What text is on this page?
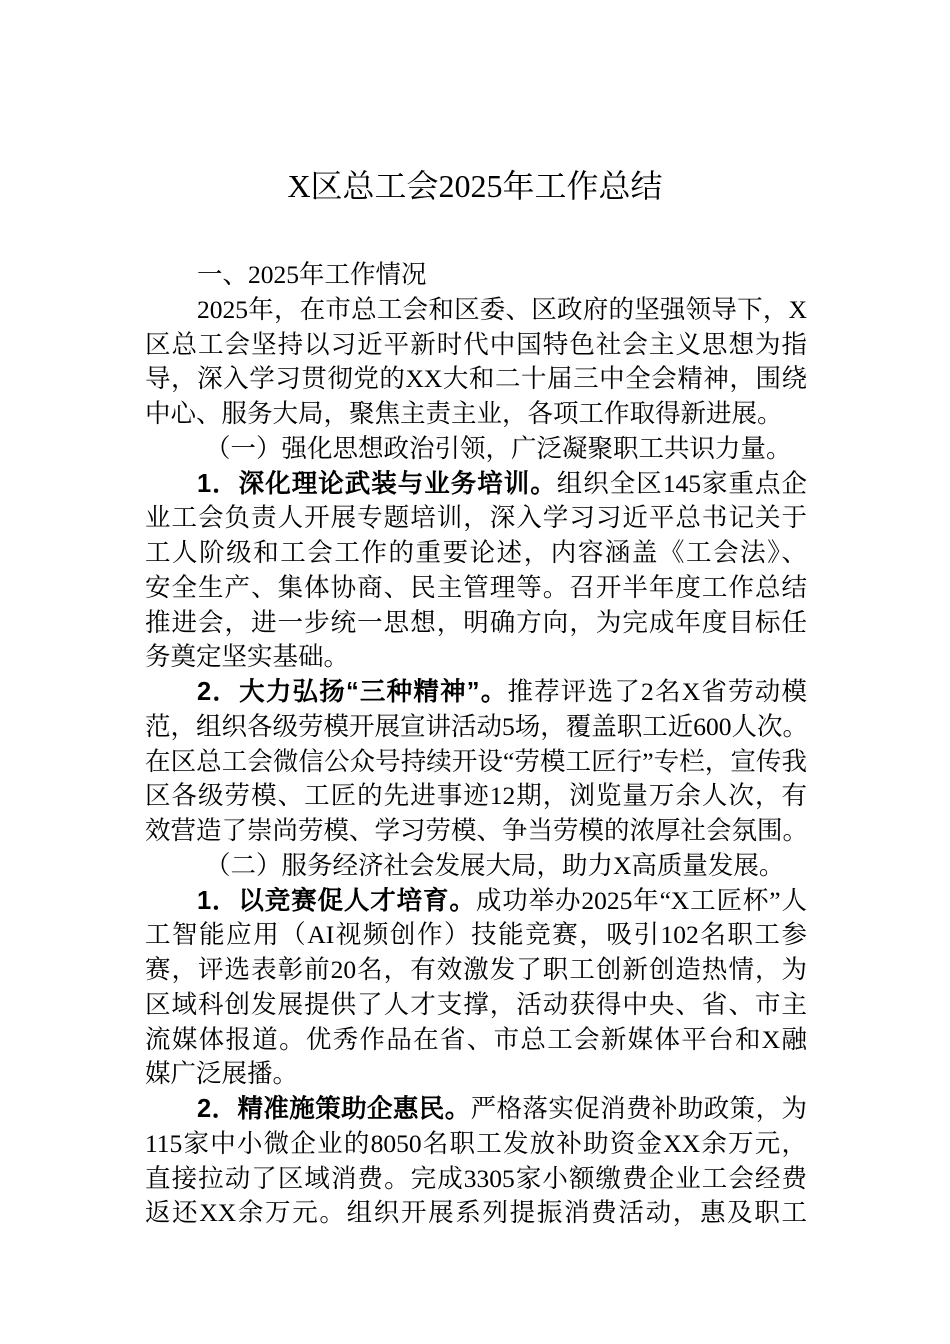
X区总工会2025年工作总结
一、2025年工作情况
2025年，在市总工会和区委、区政府的坚强领导下，X
区总工会坚持以习近平新时代中国特色社会主义思想为指
导，深入学习贯彻党的XX大和二十届三中全会精神，围绕
中心、服务大局，聚焦主责主业，各项工作取得新进展。
（一）强化思想政治引领，广泛凝聚职工共识力量。
1．深化理论武装与业务培训。组织全区145家重点企
业工会负责人开展专题培训，深入学习习近平总书记关于
工人阶级和工会工作的重要论述，内容涵盖《工会法》、
安全生产、集体协商、民主管理等。召开半年度工作总结
推进会，进一步统一思想，明确方向，为完成年度目标任
务奠定坚实基础。
2．大力弘扬“三种精神”。推荐评选了2名X省劳动模
范，组织各级劳模开展宣讲活动5场，覆盖职工近600人次。
在区总工会微信公众号持续开设“劳模工匠行”专栏，宣传我
区各级劳模、工匠的先进事迹12期，浏览量万余人次，有
效营造了崇尚劳模、学习劳模、争当劳模的浓厚社会氛围。
（二）服务经济社会发展大局，助力X高质量发展。
1．以竞赛促人才培育。成功举办2025年“X工匠杯”人
工智能应用（AI视频创作）技能竞赛，吸引102名职工参
赛，评选表彰前20名，有效激发了职工创新创造热情，为
区域科创发展提供了人才支撑，活动获得中央、省、市主
流媒体报道。优秀作品在省、市总工会新媒体平台和X融
媒广泛展播。
2．精准施策助企惠民。严格落实促消费补助政策，为
115家中小微企业的8050名职工发放补助资金XX余万元，
直接拉动了区域消费。完成3305家小额缴费企业工会经费
返还XX余万元。组织开展系列提振消费活动，惠及职工
